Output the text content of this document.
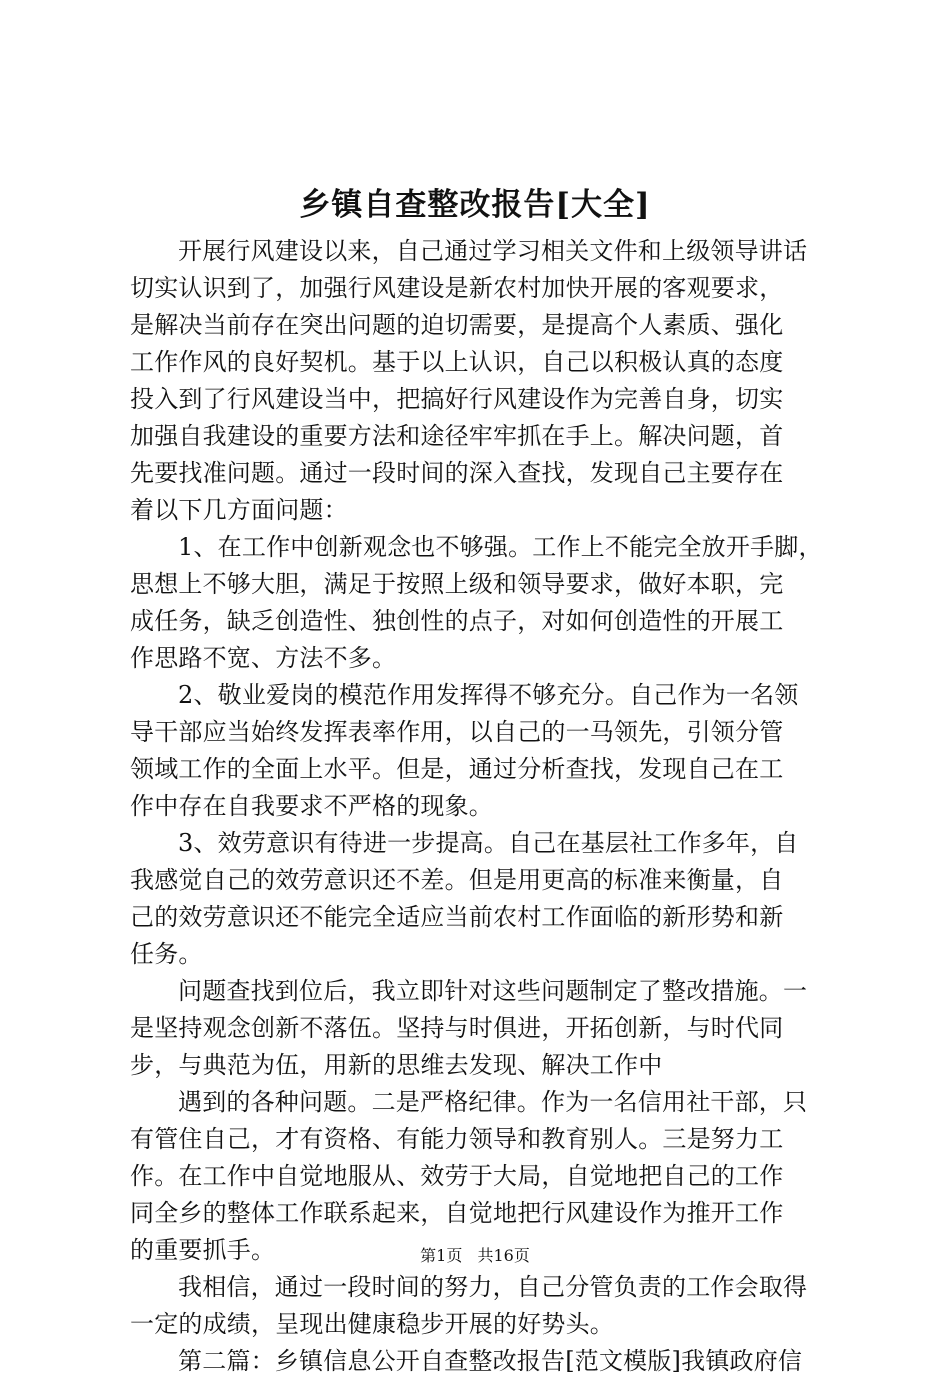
乡镇自查整改报告[大全]
开展行风建设以来，自己通过学习相关文件和上级领导讲话
切实认识到了，加强行风建设是新农村加快开展的客观要求，
是解决当前存在突出问题的迫切需要，是提高个人素质、强化
工作作风的良好契机。基于以上认识，自己以积极认真的态度
投入到了行风建设当中，把搞好行风建设作为完善自身，切实
加强自我建设的重要方法和途径牢牢抓在手上。解决问题，首
先要找准问题。通过一段时间的深入查找，发现自己主要存在
着以下几方面问题：
1、在工作中创新观念也不够强。工作上不能完全放开手脚，
思想上不够大胆，满足于按照上级和领导要求，做好本职，完
成任务，缺乏创造性、独创性的点子，对如何创造性的开展工
作思路不宽、方法不多。
2、敬业爱岗的模范作用发挥得不够充分。自己作为一名领
导干部应当始终发挥表率作用，以自己的一马领先，引领分管
领域工作的全面上水平。但是，通过分析查找，发现自己在工
作中存在自我要求不严格的现象。
3、效劳意识有待进一步提高。自己在基层社工作多年，自
我感觉自己的效劳意识还不差。但是用更高的标准来衡量，自
己的效劳意识还不能完全适应当前农村工作面临的新形势和新
任务。
问题查找到位后，我立即针对这些问题制定了整改措施。一
是坚持观念创新不落伍。坚持与时俱进，开拓创新，与时代同
步，与典范为伍，用新的思维去发现、解决工作中
遇到的各种问题。二是严格纪律。作为一名信用社干部，只
有管住自己，才有资格、有能力领导和教育别人。三是努力工
作。在工作中自觉地服从、效劳于大局，自觉地把自己的工作
同全乡的整体工作联系起来，自觉地把行风建设作为推开工作
的重要抓手。
我相信，通过一段时间的努力，自己分管负责的工作会取得
一定的成绩，呈现出健康稳步开展的好势头。
第二篇：乡镇信息公开自查整改报告[范文模版]我镇政府信
第1页 共16页
